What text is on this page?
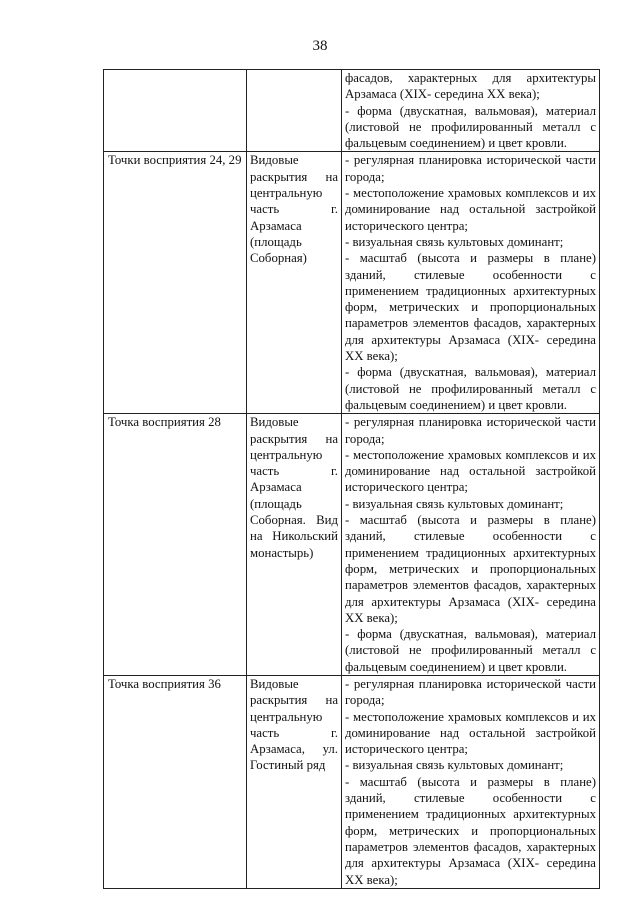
38

		фасадов, характерных для архитектуры Арзамаса (XIX- середина XX века);
- форма (двускатная, вальмовая), материал (листовой не профилированный металл с фальцевым соединением) и цвет кровли.

Точки восприятия 24, 29	Видовые раскрытия на центральную часть г. Арзамаса (площадь Соборная)	- регулярная планировка исторической части города;
- местоположение храмовых комплексов и их доминирование над остальной застройкой исторического центра;
- визуальная связь культовых доминант;
- масштаб (высота и размеры в плане) зданий, стилевые особенности с применением традиционных архитектурных форм, метрических и пропорциональных параметров элементов фасадов, характерных для архитектуры Арзамаса (XIX- середина XX века);
- форма (двускатная, вальмовая), материал (листовой не профилированный металл с фальцевым соединением) и цвет кровли.

Точка восприятия 28	Видовые раскрытия на центральную часть г. Арзамаса (площадь Соборная. Вид на Никольский монастырь)	- регулярная планировка исторической части города;
- местоположение храмовых комплексов и их доминирование над остальной застройкой исторического центра;
- визуальная связь культовых доминант;
- масштаб (высота и размеры в плане) зданий, стилевые особенности с применением традиционных архитектурных форм, метрических и пропорциональных параметров элементов фасадов, характерных для архитектуры Арзамаса (XIX- середина XX века);
- форма (двускатная, вальмовая), материал (листовой не профилированный металл с фальцевым соединением) и цвет кровли.

Точка восприятия 36	Видовые раскрытия на центральную часть г. Арзамаса, ул. Гостиный ряд	- регулярная планировка исторической части города;
- местоположение храмовых комплексов и их доминирование над остальной застройкой исторического центра;
- визуальная связь культовых доминант;
- масштаб (высота и размеры в плане) зданий, стилевые особенности с применением традиционных архитектурных форм, метрических и пропорциональных параметров элементов фасадов, характерных для архитектуры Арзамаса (XIX- середина XX века);
